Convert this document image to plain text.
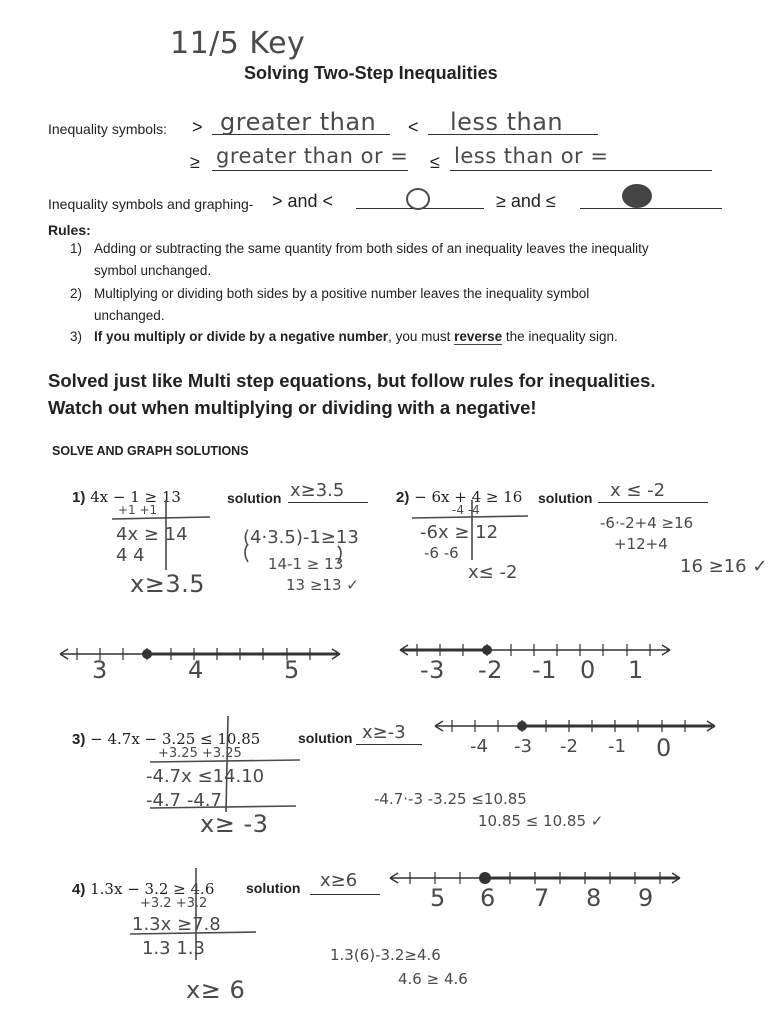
11/5 Key
Solving Two-Step Inequalities
Inequality symbols: > greater than	<	less than
≥ greater than or = ≤ less than or =
Inequality symbols and graphing- > and <	≥ and ≤
Rules:
1) Adding or subtracting the same quantity from both sides of an inequality leaves the inequality
symbol unchanged.
2) Multiplying or dividing both sides by a positive number leaves the inequality symbol
unchanged.
3) If you multiply or divide by a negative number, you must reverse the inequality sign.
Solved just like Multi step equations, but follow rules for inequalities.
Watch out when multiplying or dividing with a negative!
SOLVE AND GRAPH SOLUTIONS
1) 4x − 1 ≥ 13	solution x≥3.5
+1 +1
4x ≥ 14
4 4
x≥3.5
(4·3.5)-1≥13
14-1 ≥ 13
13 ≥13 ✓
2) − 6x + 4 ≥ 16 solution x ≤ -2
-4 -4
-6x ≥ 12
-6 -6
x≤ -2
-6·-2+4 ≥16
+12+4
16 ≥16 ✓
3) − 4.7x − 3.25 ≤ 10.85	solution x≥-3
+3.25 +3.25
-4.7x ≤14.10
-4.7 -4.7
x≥ -3
-4.7·-3 -3.25 ≤10.85
10.85 ≤ 10.85 ✓
4) 1.3x − 3.2 ≥ 4.6 solution	x≥6
+3.2 +3.2
1.3x ≥7.8
1.3 1.3
x≥ 6
1.3(6)-3.2≥4.6
4.6 ≥ 4.6
3	4	5	-3 -2 -1 0 1
-4 -3 -2 -1 0
5 6 7 8 9
